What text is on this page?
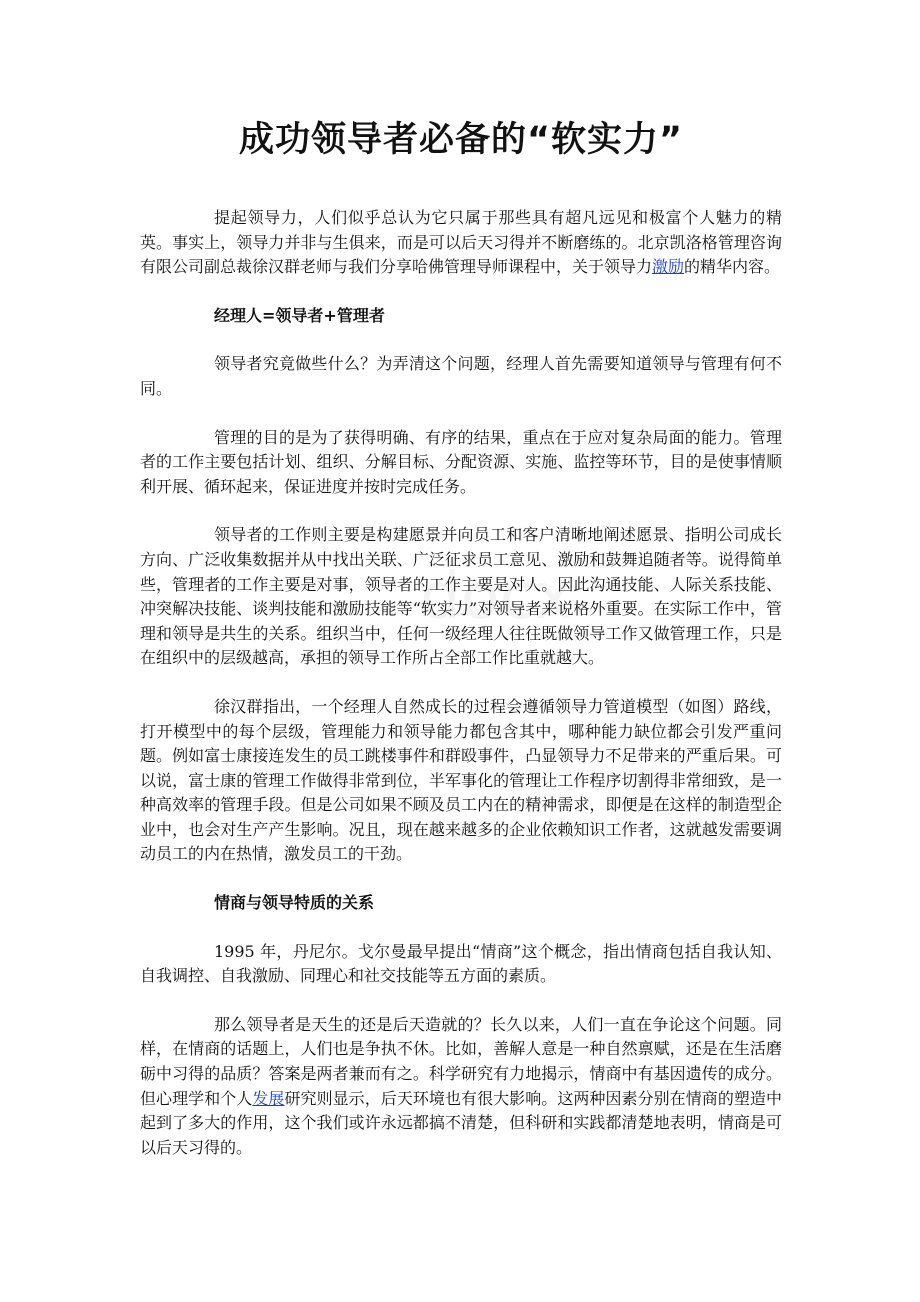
成功领导者必备的“软实力”

提起领导力，人们似乎总认为它只属于那些具有超凡远见和极富个人魅力的精英。事实上，领导力并非与生俱来，而是可以后天习得并不断磨练的。北京凯洛格管理咨询有限公司副总裁徐汉群老师与我们分享哈佛管理导师课程中，关于领导力激励的精华内容。

经理人=领导者+管理者

领导者究竟做些什么？为弄清这个问题，经理人首先需要知道领导与管理有何不同。

管理的目的是为了获得明确、有序的结果，重点在于应对复杂局面的能力。管理者的工作主要包括计划、组织、分解目标、分配资源、实施、监控等环节，目的是使事情顺利开展、循环起来，保证进度并按时完成任务。

领导者的工作则主要是构建愿景并向员工和客户清晰地阐述愿景、指明公司成长方向、广泛收集数据并从中找出关联、广泛征求员工意见、激励和鼓舞追随者等。说得简单些，管理者的工作主要是对事，领导者的工作主要是对人。因此沟通技能、人际关系技能、冲突解决技能、谈判技能和激励技能等“软实力”对领导者来说格外重要。在实际工作中，管理和领导是共生的关系。组织当中，任何一级经理人往往既做领导工作又做管理工作，只是在组织中的层级越高，承担的领导工作所占全部工作比重就越大。

徐汉群指出，一个经理人自然成长的过程会遵循领导力管道模型（如图）路线，打开模型中的每个层级，管理能力和领导能力都包含其中，哪种能力缺位都会引发严重问题。例如富士康接连发生的员工跳楼事件和群殴事件，凸显领导力不足带来的严重后果。可以说，富士康的管理工作做得非常到位，半军事化的管理让工作程序切割得非常细致，是一种高效率的管理手段。但是公司如果不顾及员工内在的精神需求，即便是在这样的制造型企业中，也会对生产产生影响。况且，现在越来越多的企业依赖知识工作者，这就越发需要调动员工的内在热情，激发员工的干劲。

情商与领导特质的关系

1995 年，丹尼尔。戈尔曼最早提出“情商”这个概念，指出情商包括自我认知、自我调控、自我激励、同理心和社交技能等五方面的素质。

那么领导者是天生的还是后天造就的？长久以来，人们一直在争论这个问题。同样，在情商的话题上，人们也是争执不休。比如，善解人意是一种自然禀赋，还是在生活磨砺中习得的品质？答案是两者兼而有之。科学研究有力地揭示，情商中有基因遗传的成分。但心理学和个人发展研究则显示，后天环境也有很大影响。这两种因素分别在情商的塑造中起到了多大的作用，这个我们或许永远都搞不清楚，但科研和实践都清楚地表明，情商是可以后天习得的。
